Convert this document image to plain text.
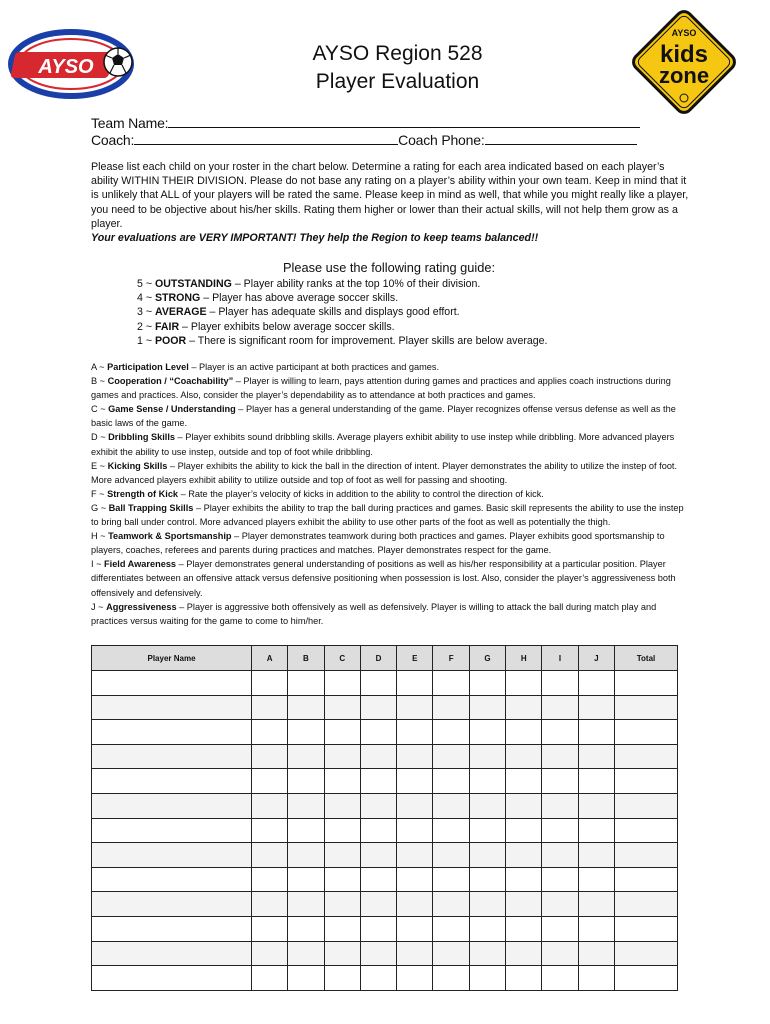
AYSO
AYSO Region 528
Player Evaluation
AYSO
kids
zone
Team Name:
Coach:	Coach Phone:
Please list each child on your roster in the chart below. Determine a rating for each area indicated based on each player’s ability WITHIN THEIR DIVISION. Please do not base any rating on a player’s ability within your own team. Keep in mind that it is unlikely that ALL of your players will be rated the same. Please keep in mind as well, that while you might really like a player, you need to be objective about his/her skills. Rating them higher or lower than their actual skills, will not help them grow as a player.
Your evaluations are VERY IMPORTANT! They help the Region to keep teams balanced!!
Please use the following rating guide:
5 ~ OUTSTANDING – Player ability ranks at the top 10% of their division.
4 ~ STRONG – Player has above average soccer skills.
3 ~ AVERAGE – Player has adequate skills and displays good effort.
2 ~ FAIR – Player exhibits below average soccer skills.
1 ~ POOR – There is significant room for improvement. Player skills are below average.

A ~ Participation Level – Player is an active participant at both practices and games.

B ~ Cooperation / “Coachability” – Player is willing to learn, pays attention during games and practices and applies coach instructions during games and practices. Also, consider the player’s dependability as to attendance at both practices and games.

C ~ Game Sense / Understanding – Player has a general understanding of the game. Player recognizes offense versus defense as well as the basic laws of the game.

D ~ Dribbling Skills – Player exhibits sound dribbling skills. Average players exhibit ability to use instep while dribbling. More advanced players exhibit the ability to use instep, outside and top of foot while dribbling.

E ~ Kicking Skills – Player exhibits the ability to kick the ball in the direction of intent. Player demonstrates the ability to utilize the instep of foot. More advanced players exhibit ability to utilize outside and top of foot as well for passing and shooting.

F ~ Strength of Kick – Rate the player’s velocity of kicks in addition to the ability to control the direction of kick.

G ~ Ball Trapping Skills – Player exhibits the ability to trap the ball during practices and games. Basic skill represents the ability to use the instep to bring ball under control. More advanced players exhibit the ability to use other parts of the foot as well as potentially the thigh.

H ~ Teamwork & Sportsmanship – Player demonstrates teamwork during both practices and games. Player exhibits good sportsmanship to players, coaches, referees and parents during practices and matches. Player demonstrates respect for the game.

I ~ Field Awareness – Player demonstrates general understanding of positions as well as his/her responsibility at a particular position. Player differentiates between an offensive attack versus defensive positioning when possession is lost. Also, consider the player’s aggressiveness both offensively and defensively.

J ~ Aggressiveness – Player is aggressive both offensively as well as defensively. Player is willing to attack the ball during match play and practices versus waiting for the game to come to him/her.

Player Name	A	B	C	D	E	F	G	H	I	J	Total
